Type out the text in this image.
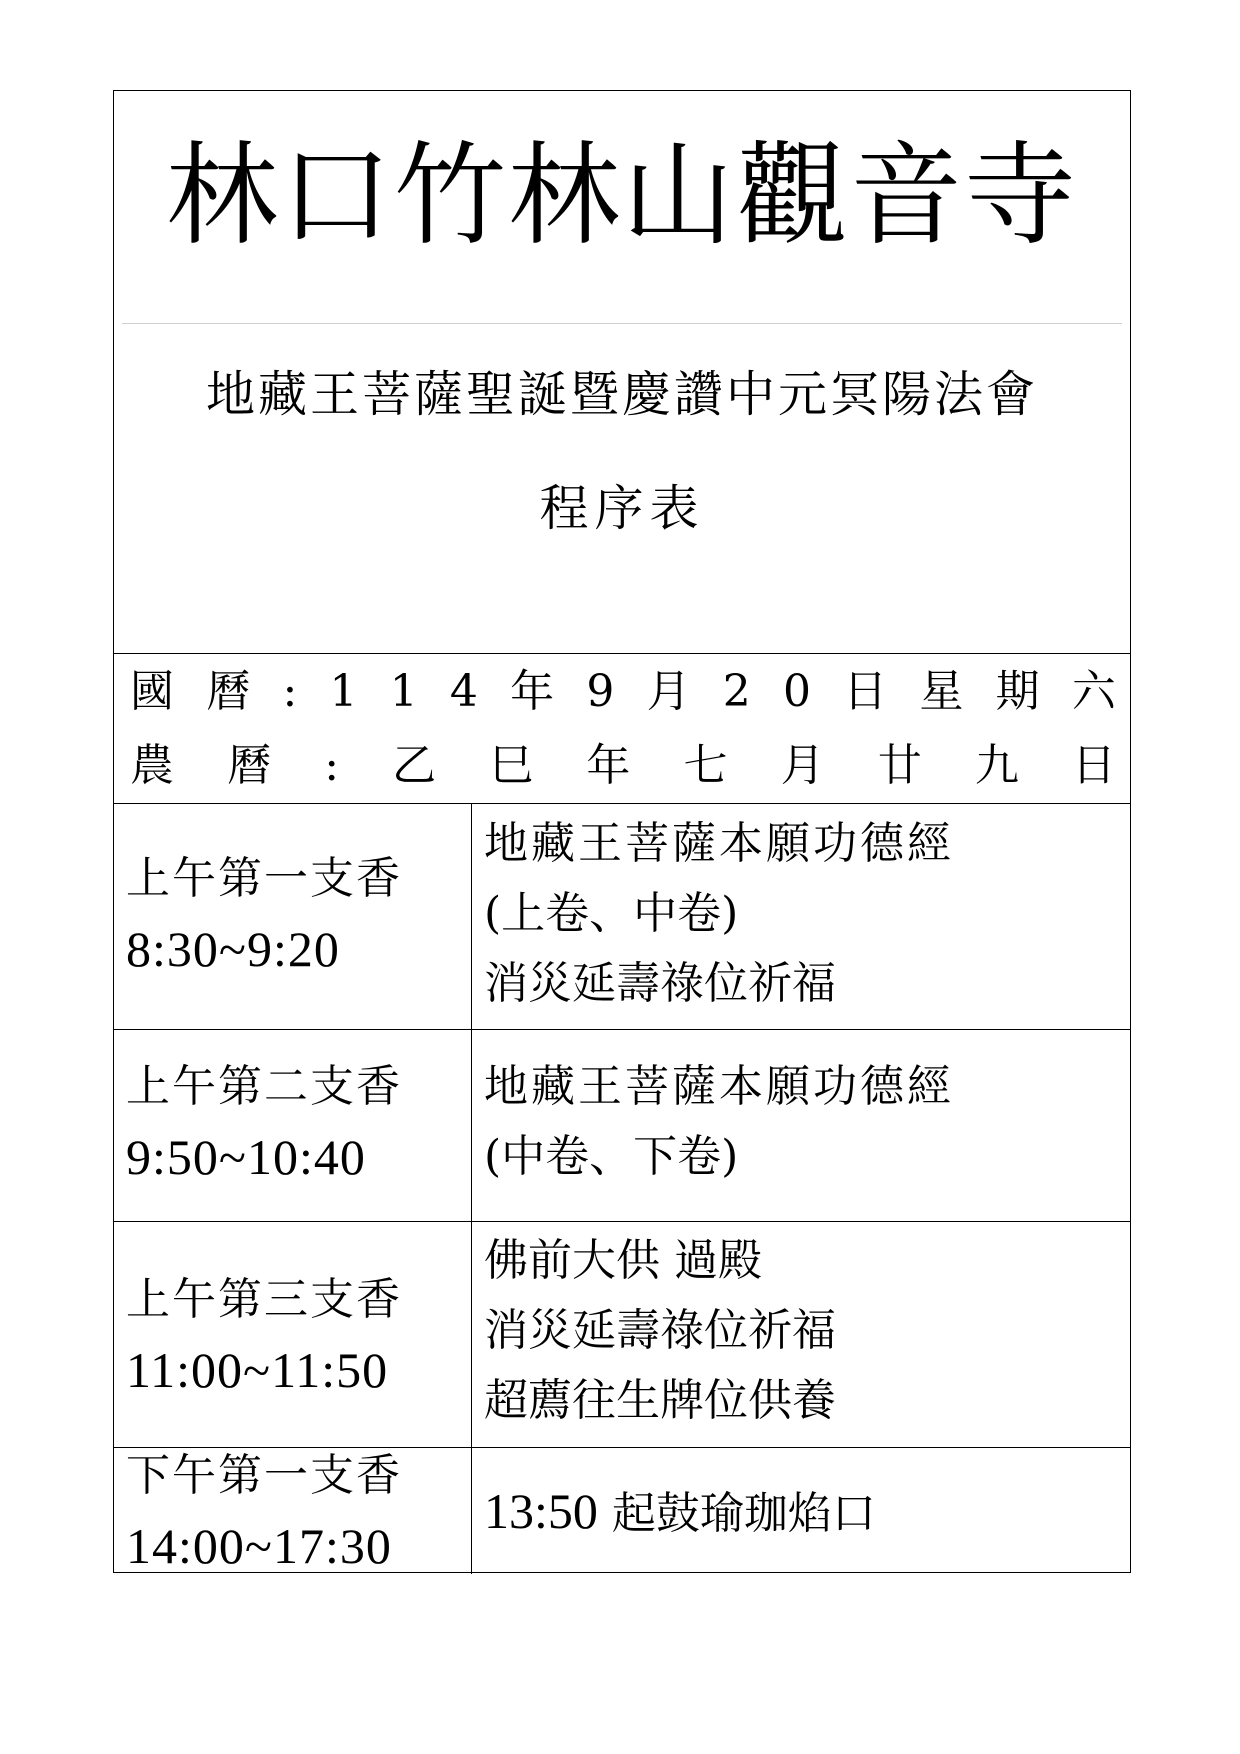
林口竹林山觀音寺
地藏王菩薩聖誕暨慶讚中元冥陽法會
程序表
國 曆 : 1 1 4 年 9 月 2 0 日 星 期 六
農 曆 : 乙 巳 年 七 月 廿 九 日
上午第一支香
8:30~9:20
地藏王菩薩本願功德經
(上卷、中卷)
消災延壽祿位祈福
上午第二支香
9:50~10:40
地藏王菩薩本願功德經
(中卷、下卷)
上午第三支香
11:00~11:50
佛前大供 過殿
消災延壽祿位祈福
超薦往生牌位供養
下午第一支香
14:00~17:30
13:50 起鼓瑜珈焰口
